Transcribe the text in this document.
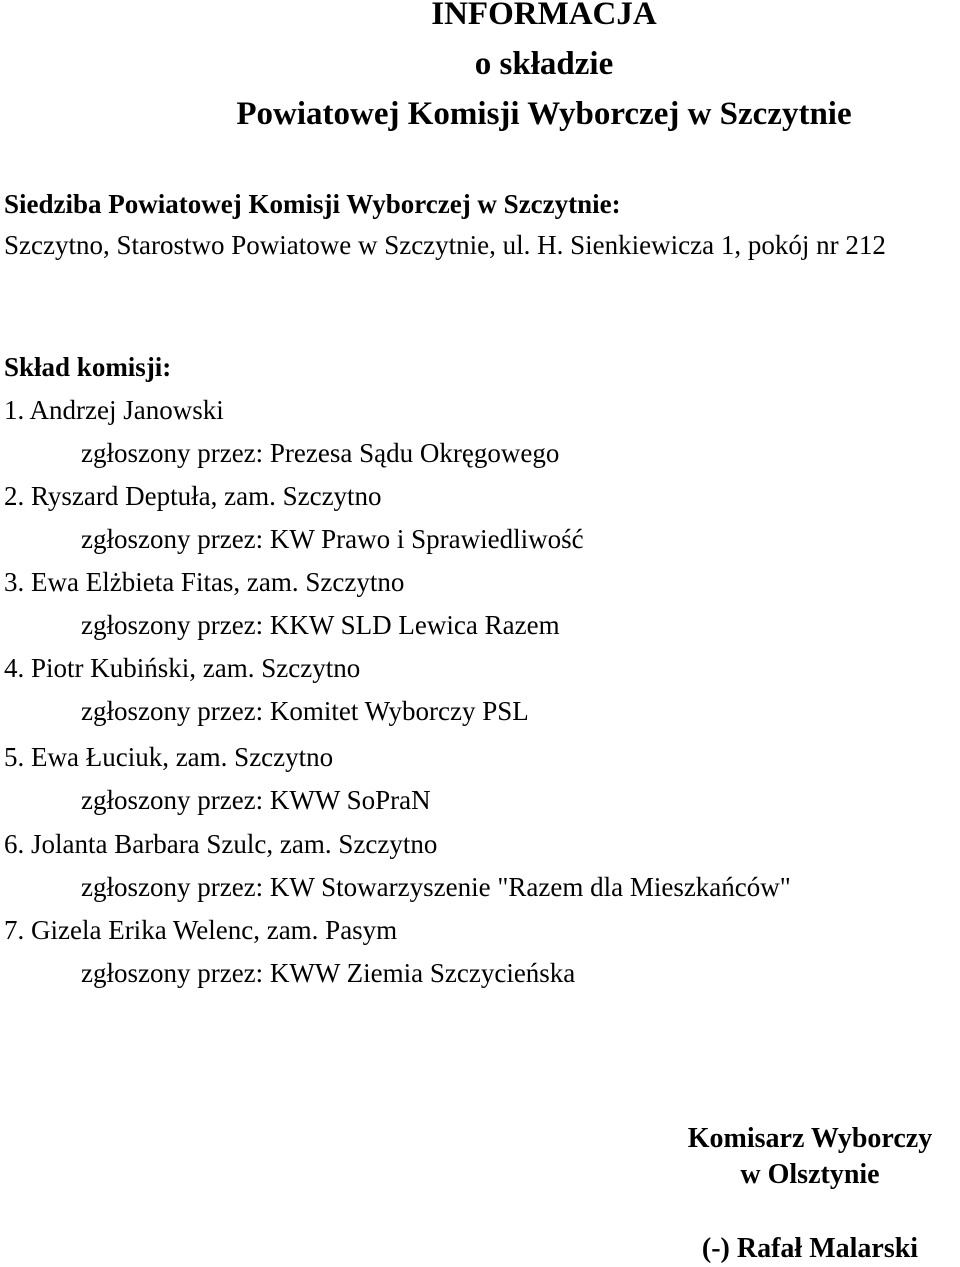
INFORMACJA
o składzie
Powiatowej Komisji Wyborczej w Szczytnie
Siedziba Powiatowej Komisji Wyborczej w Szczytnie:
Szczytno, Starostwo Powiatowe w Szczytnie, ul. H. Sienkiewicza 1, pokój nr 212
Skład komisji:
1. Andrzej Janowski
zgłoszony przez: Prezesa Sądu Okręgowego
2. Ryszard Deptuła, zam. Szczytno
zgłoszony przez: KW Prawo i Sprawiedliwość
3. Ewa Elżbieta Fitas, zam. Szczytno
zgłoszony przez: KKW SLD Lewica Razem
4. Piotr Kubiński, zam. Szczytno
zgłoszony przez: Komitet Wyborczy PSL
5. Ewa Łuciuk, zam. Szczytno
zgłoszony przez: KWW SoPraN
6. Jolanta Barbara Szulc, zam. Szczytno
zgłoszony przez: KW Stowarzyszenie "Razem dla Mieszkańców"
7. Gizela Erika Welenc, zam. Pasym
zgłoszony przez: KWW Ziemia Szczycieńska
Komisarz Wyborczy
w Olsztynie
(-) Rafał Malarski
